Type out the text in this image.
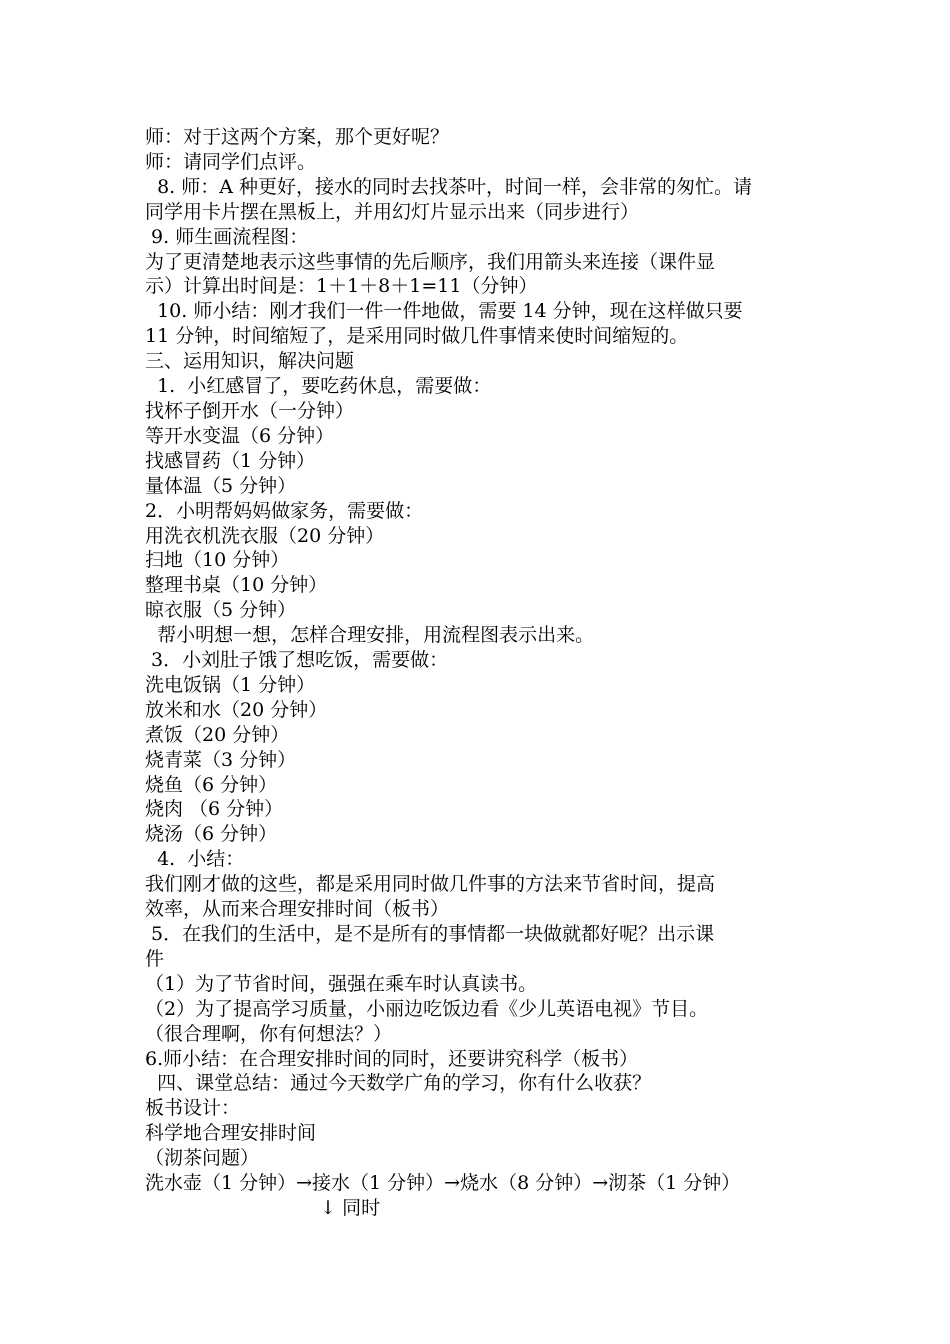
师：对于这两个方案，那个更好呢？

师：请同学们点评。

8. 师：A 种更好，接水的同时去找茶叶，时间一样，会非常的匆忙。请

同学用卡片摆在黑板上，并用幻灯片显示出来（同步进行）

9. 师生画流程图：

为了更清楚地表示这些事情的先后顺序，我们用箭头来连接（课件显

示）计算出时间是：1＋1＋8＋1=11（分钟）

10. 师小结：刚才我们一件一件地做，需要 14 分钟，现在这样做只要

11 分钟，时间缩短了，是采用同时做几件事情来使时间缩短的。

三、运用知识，解决问题

1.  小红感冒了，要吃药休息，需要做：

找杯子倒开水（一分钟）

等开水变温（6 分钟）

找感冒药（1 分钟）

量体温（5 分钟）

2．小明帮妈妈做家务，需要做：

用洗衣机洗衣服（20 分钟）

扫地（10 分钟）

整理书桌（10 分钟）

晾衣服（5 分钟）

帮小明想一想，怎样合理安排，用流程图表示出来。

3．小刘肚子饿了想吃饭，需要做：

洗电饭锅（1 分钟）

放米和水（20 分钟）

煮饭（20 分钟）

烧青菜（3 分钟）

烧鱼（6 分钟）

烧肉 （6 分钟）

烧汤（6 分钟）

4.  小结：

我们刚才做的这些，都是采用同时做几件事的方法来节省时间，提高

效率，从而来合理安排时间（板书）

5．在我们的生活中，是不是所有的事情都一块做就都好呢？出示课

件

（1）为了节省时间，强强在乘车时认真读书。

（2）为了提高学习质量，小丽边吃饭边看《少儿英语电视》节目。

（很合理啊，你有何想法？）

6.师小结：在合理安排时间的同时，还要讲究科学（板书）

四、课堂总结：通过今天数学广角的学习，你有什么收获？

板书设计：

科学地合理安排时间

（沏茶问题）

洗水壶（1 分钟）→接水（1 分钟）→烧水（8 分钟）→沏茶（1 分钟）

↓ 同时
